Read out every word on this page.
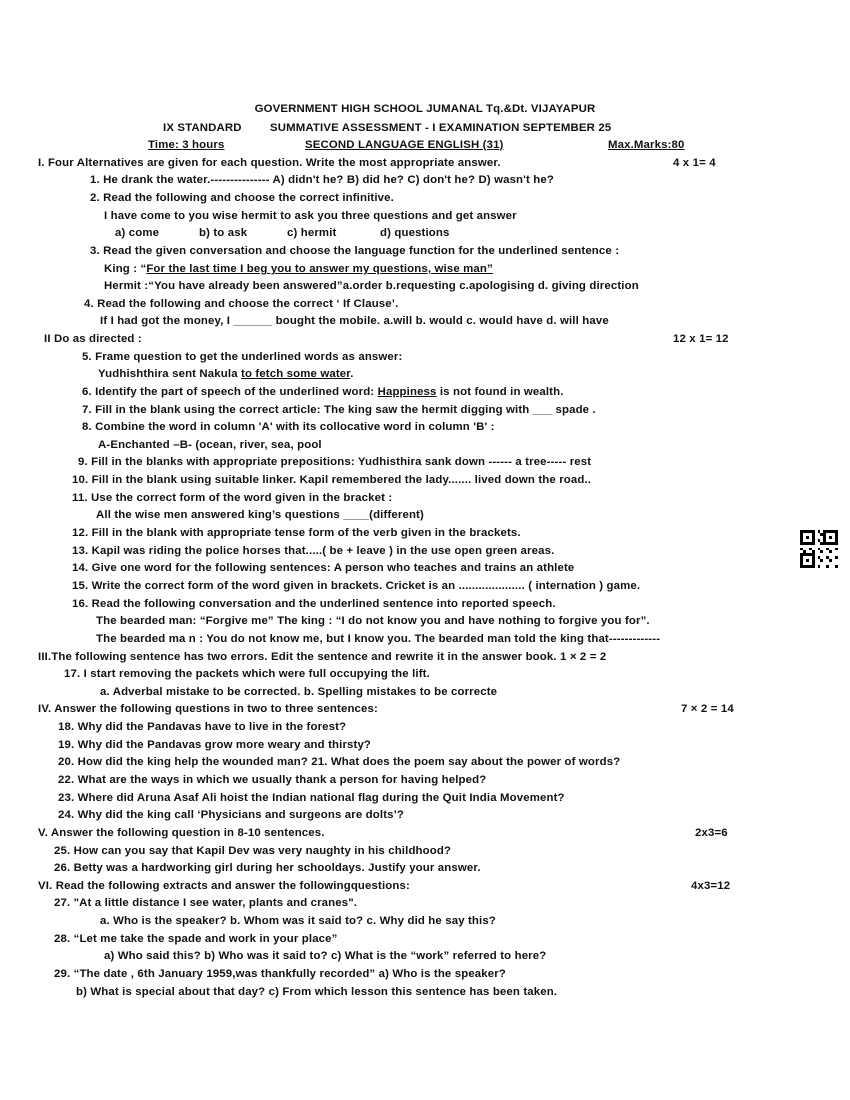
GOVERNMENT HIGH SCHOOL JUMANAL Tq.&Dt. VIJAYAPUR
IX STANDARD SUMMATIVE ASSESSMENT - I EXAMINATION SEPTEMBER 25
Time: 3 hours	SECOND LANGUAGE ENGLISH (31)	Max.Marks:80
I. Four Alternatives are given for each question. Write the most appropriate answer.	4 x 1= 4
1. He drank the water.--------------- A) didn't he? B) did he? C) don't he? D) wasn't he?
2. Read the following and choose the correct infinitive.
I have come to you wise hermit to ask you three questions and get answer
a) come	b) to ask	c) hermit	d) questions
3. Read the given conversation and choose the language function for the underlined sentence :
King : “For the last time I beg you to answer my questions, wise man”
Hermit :“You have already been answered”a.order b.requesting c.apologising d. giving direction
4. Read the following and choose the correct ‘ If Clause’.
If I had got the money, I ______ bought the mobile. a.will b. would c. would have d. will have
II Do as directed :	12 x 1= 12
5. Frame question to get the underlined words as answer:
Yudhishthira sent Nakula to fetch some water.
6. Identify the part of speech of the underlined word: Happiness is not found in wealth.
7. Fill in the blank using the correct article: The king saw the hermit digging with ___ spade .
8. Combine the word in column 'A' with its collocative word in column 'B' :
A-Enchanted –B- (ocean, river, sea, pool
9. Fill in the blanks with appropriate prepositions: Yudhisthira sank down ------ a tree----- rest
10. Fill in the blank using suitable linker. Kapil remembered the lady....... lived down the road..
11. Use the correct form of the word given in the bracket :
All the wise men answered king’s questions ____(different)
12. Fill in the blank with appropriate tense form of the verb given in the brackets.
13. Kapil was riding the police horses that.....( be + leave ) in the use open green areas.
14. Give one word for the following sentences: A person who teaches and trains an athlete
15. Write the correct form of the word given in brackets. Cricket is an .................... ( internation ) game.
16. Read the following conversation and the underlined sentence into reported speech.
The bearded man: “Forgive me” The king : “I do not know you and have nothing to forgive you for”.
The bearded ma n : You do not know me, but I know you. The bearded man told the king that-------------
III.The following sentence has two errors. Edit the sentence and rewrite it in the answer book. 1 × 2 = 2
17. I start removing the packets which were full occupying the lift.
a. Adverbal mistake to be corrected. b. Spelling mistakes to be correcte
IV. Answer the following questions in two to three sentences:	7 × 2 = 14
18. Why did the Pandavas have to live in the forest?
19. Why did the Pandavas grow more weary and thirsty?
20. How did the king help the wounded man? 21. What does the poem say about the power of words?
22. What are the ways in which we usually thank a person for having helped?
23. Where did Aruna Asaf Ali hoist the Indian national flag during the Quit India Movement?
24. Why did the king call ‘Physicians and surgeons are dolts’?
V. Answer the following question in 8-10 sentences.	2x3=6
25. How can you say that Kapil Dev was very naughty in his childhood?
26. Betty was a hardworking girl during her schooldays. Justify your answer.
VI. Read the following extracts and answer the followingquestions:	4x3=12
27. "At a little distance I see water, plants and cranes".
a. Who is the speaker? b. Whom was it said to? c. Why did he say this?
28. “Let me take the spade and work in your place”
a) Who said this? b) Who was it said to? c) What is the “work” referred to here?
29. “The date , 6th January 1959,was thankfully recorded” a) Who is the speaker?
b) What is special about that day? c) From which lesson this sentence has been taken.
